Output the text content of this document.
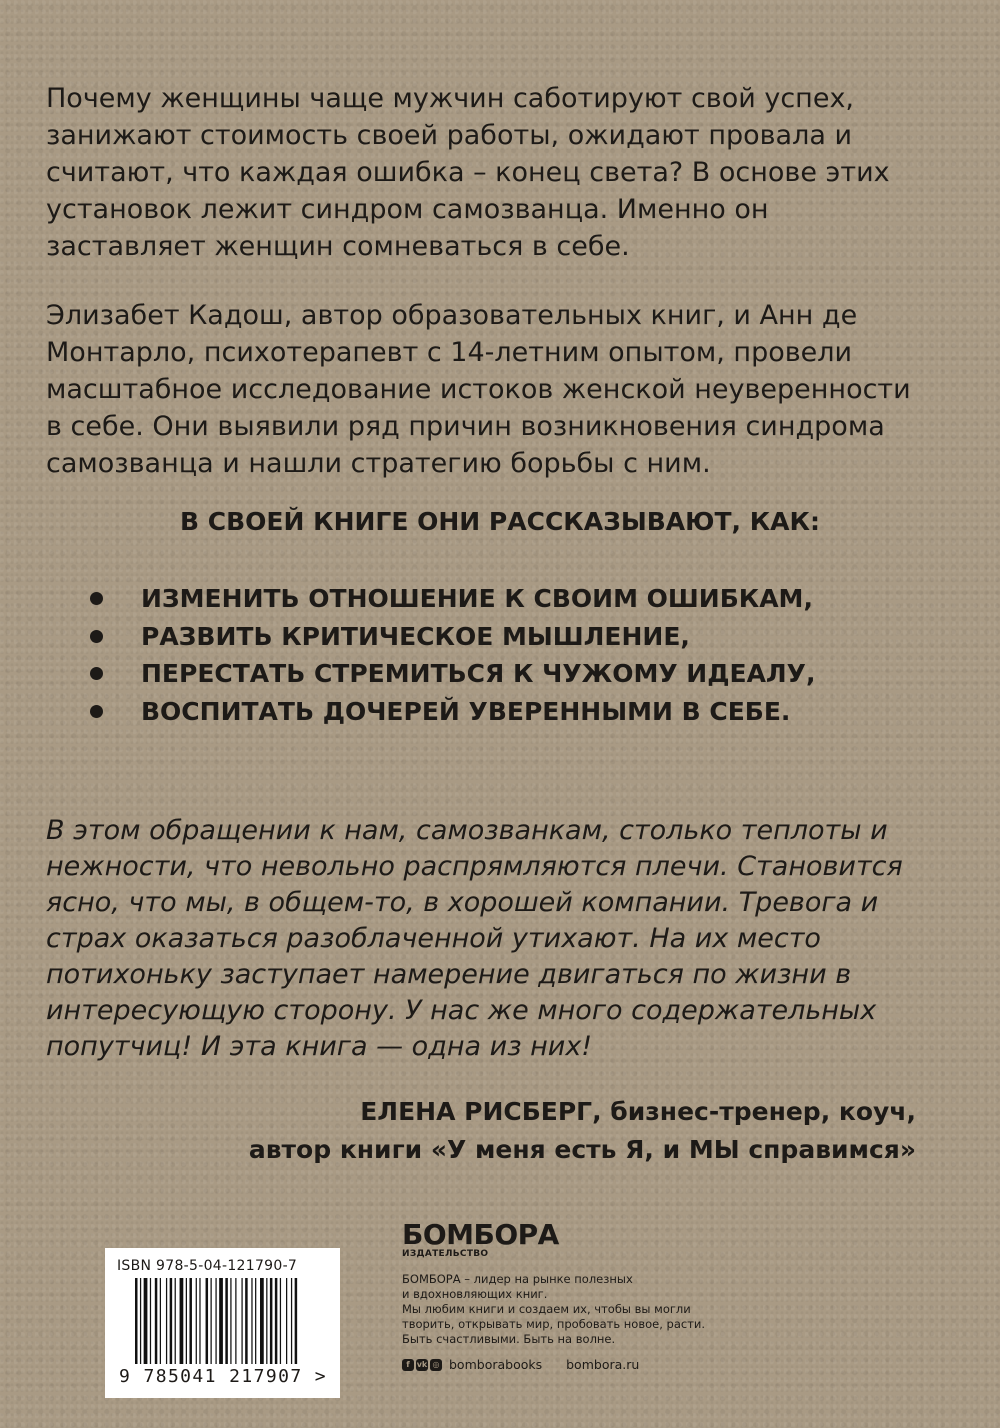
Почему женщины чаще мужчин саботируют свой успех, занижают стоимость своей работы, ожидают провала и считают, что каждая ошибка – конец света? В основе этих установок лежит синдром самозванца. Именно он заставляет женщин сомневаться в себе.

Элизабет Кадош, автор образовательных книг, и Анн де Монтарло, психотерапевт с 14-летним опытом, провели масштабное исследование истоков женской неуверенности в себе. Они выявили ряд причин возникновения синдрома самозванца и нашли стратегию борьбы с ним.

В СВОЕЙ КНИГЕ ОНИ РАССКАЗЫВАЮТ, КАК:

ИЗМЕНИТЬ ОТНОШЕНИЕ К СВОИМ ОШИБКАМ,
РАЗВИТЬ КРИТИЧЕСКОЕ МЫШЛЕНИЕ,
ПЕРЕСТАТЬ СТРЕМИТЬСЯ К ЧУЖОМУ ИДЕАЛУ,
ВОСПИТАТЬ ДОЧЕРЕЙ УВЕРЕННЫМИ В СЕБЕ.

В этом обращении к нам, самозванкам, столько теплоты и нежности, что невольно распрямляются плечи. Становится ясно, что мы, в общем-то, в хорошей компании. Тревога и страх оказаться разоблаченной утихают. На их место потихоньку заступает намерение двигаться по жизни в интересующую сторону. У нас же много содержательных попутчиц! И эта книга — одна из них!

ЕЛЕНА РИСБЕРГ, бизнес-тренер, коуч,
автор книги «У меня есть Я, и МЫ справимся»
ISBN 978-5-04-121790-7
9 785041 217907 >
БОМБОРА
ИЗДАТЕЛЬСТВО
БОМБОРА – лидер на рынке полезных
и вдохновляющих книг.
Мы любим книги и создаем их, чтобы вы могли
творить, открывать мир, пробовать новое, расти.
Быть счастливыми. Быть на волне.
f vk ◎ bomborabooks bombora.ru
